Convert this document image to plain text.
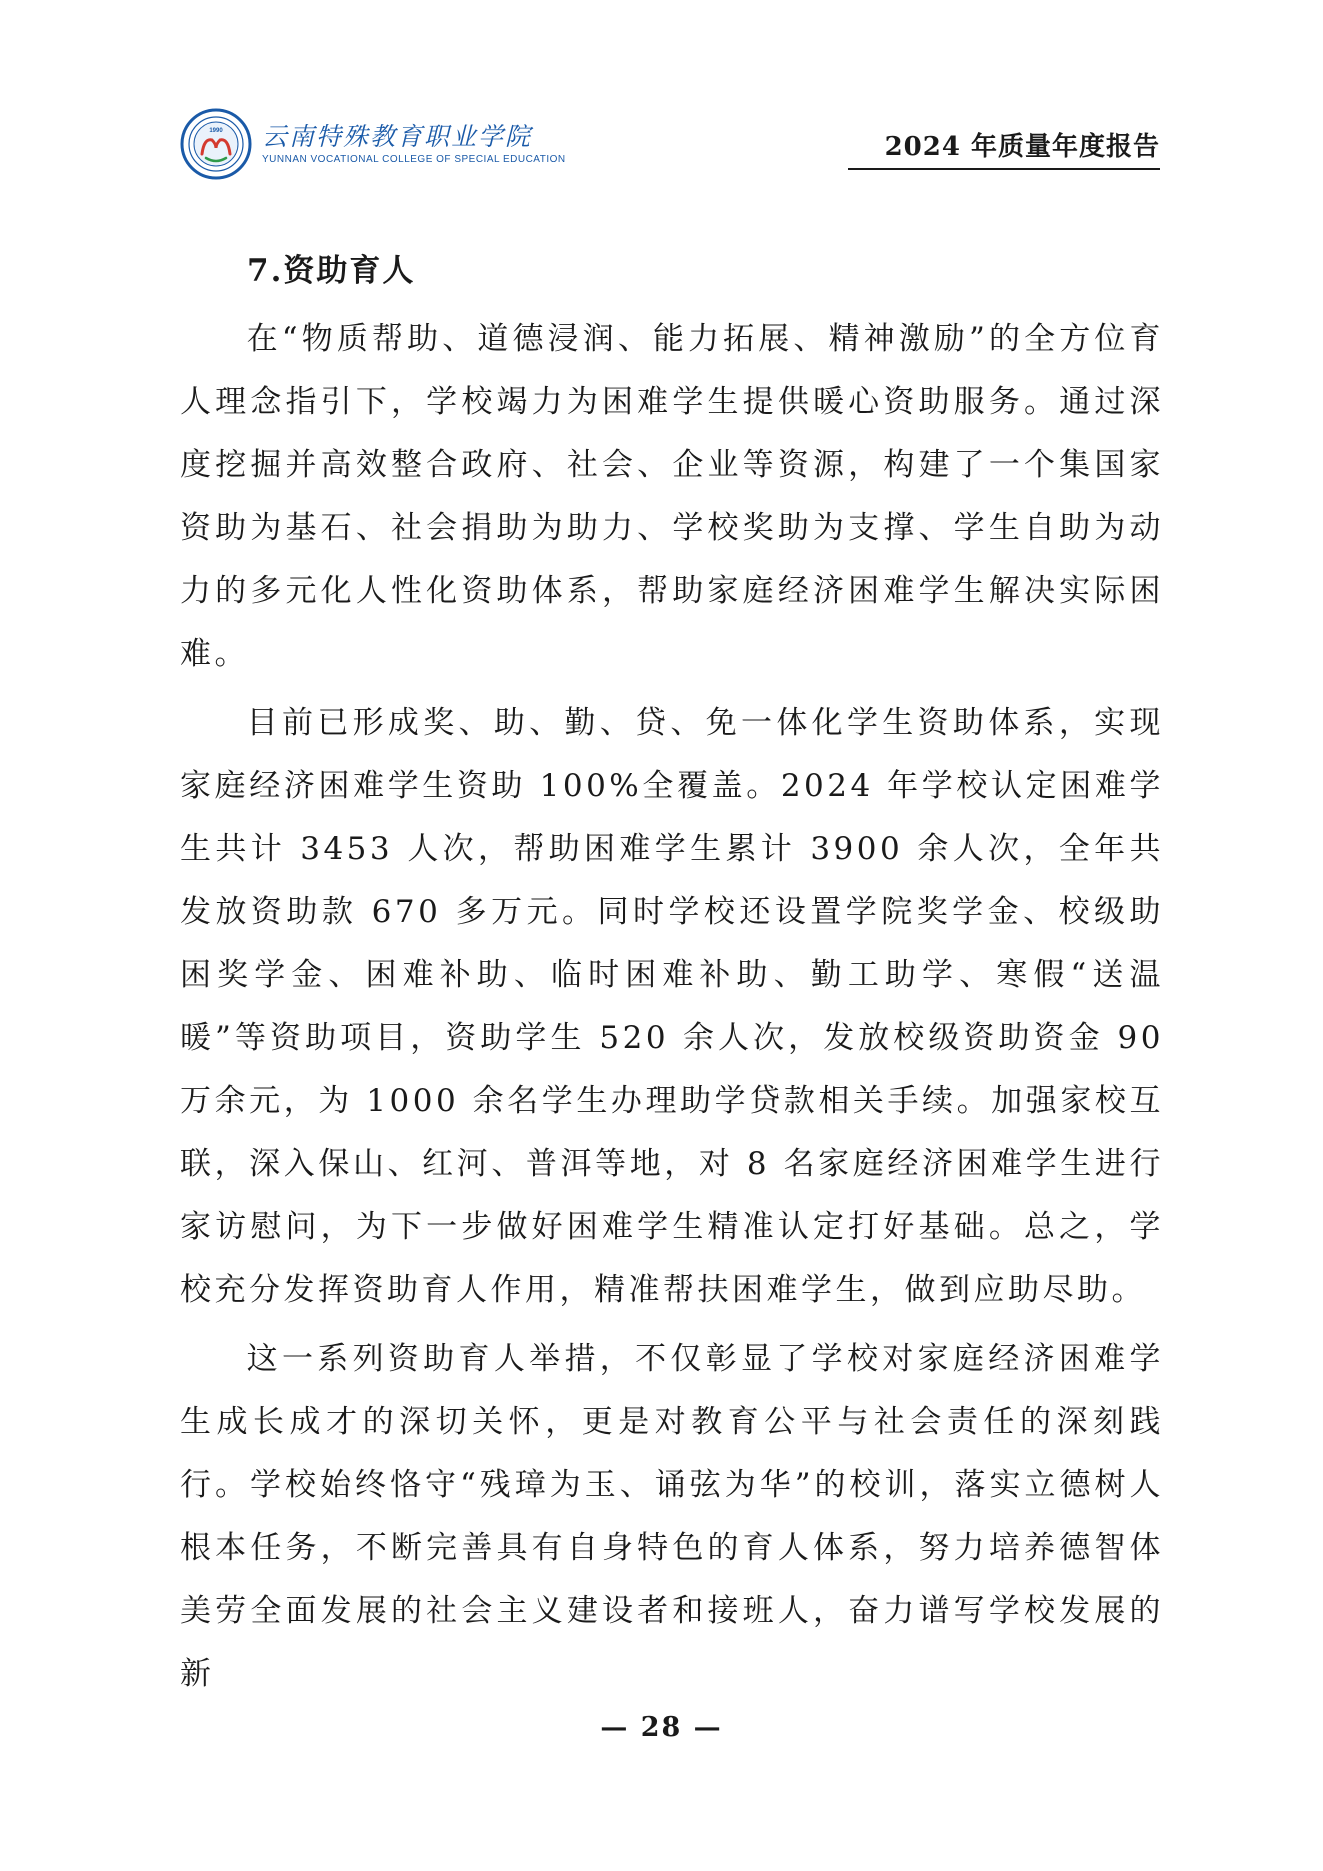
1990 云南特殊教育职业学院
YUNNAN VOCATIONAL COLLEGE OF SPECIAL EDUCATION	2024 年质量年度报告
7.资助育人

在“物质帮助、道德浸润、能力拓展、精神激励”的全方位育人理念指引下，学校竭力为困难学生提供暖心资助服务。通过深度挖掘并高效整合政府、社会、企业等资源，构建了一个集国家资助为基石、社会捐助为助力、学校奖助为支撑、学生自助为动力的多元化人性化资助体系，帮助家庭经济困难学生解决实际困难。

目前已形成奖、助、勤、贷、免一体化学生资助体系，实现家庭经济困难学生资助 100%全覆盖。2024 年学校认定困难学生共计 3453 人次，帮助困难学生累计 3900 余人次，全年共发放资助款 670 多万元。同时学校还设置学院奖学金、校级助困奖学金、困难补助、临时困难补助、勤工助学、寒假“送温暖”等资助项目，资助学生 520 余人次，发放校级资助资金 90 万余元，为 1000 余名学生办理助学贷款相关手续。加强家校互联，深入保山、红河、普洱等地，对 8 名家庭经济困难学生进行家访慰问，为下一步做好困难学生精准认定打好基础。总之，学校充分发挥资助育人作用，精准帮扶困难学生，做到应助尽助。

这一系列资助育人举措，不仅彰显了学校对家庭经济困难学生成长成才的深切关怀，更是对教育公平与社会责任的深刻践行。学校始终恪守“残璋为玉、诵弦为华”的校训，落实立德树人根本任务，不断完善具有自身特色的育人体系，努力培养德智体美劳全面发展的社会主义建设者和接班人，奋力谱写学校发展的新

— 28 —
